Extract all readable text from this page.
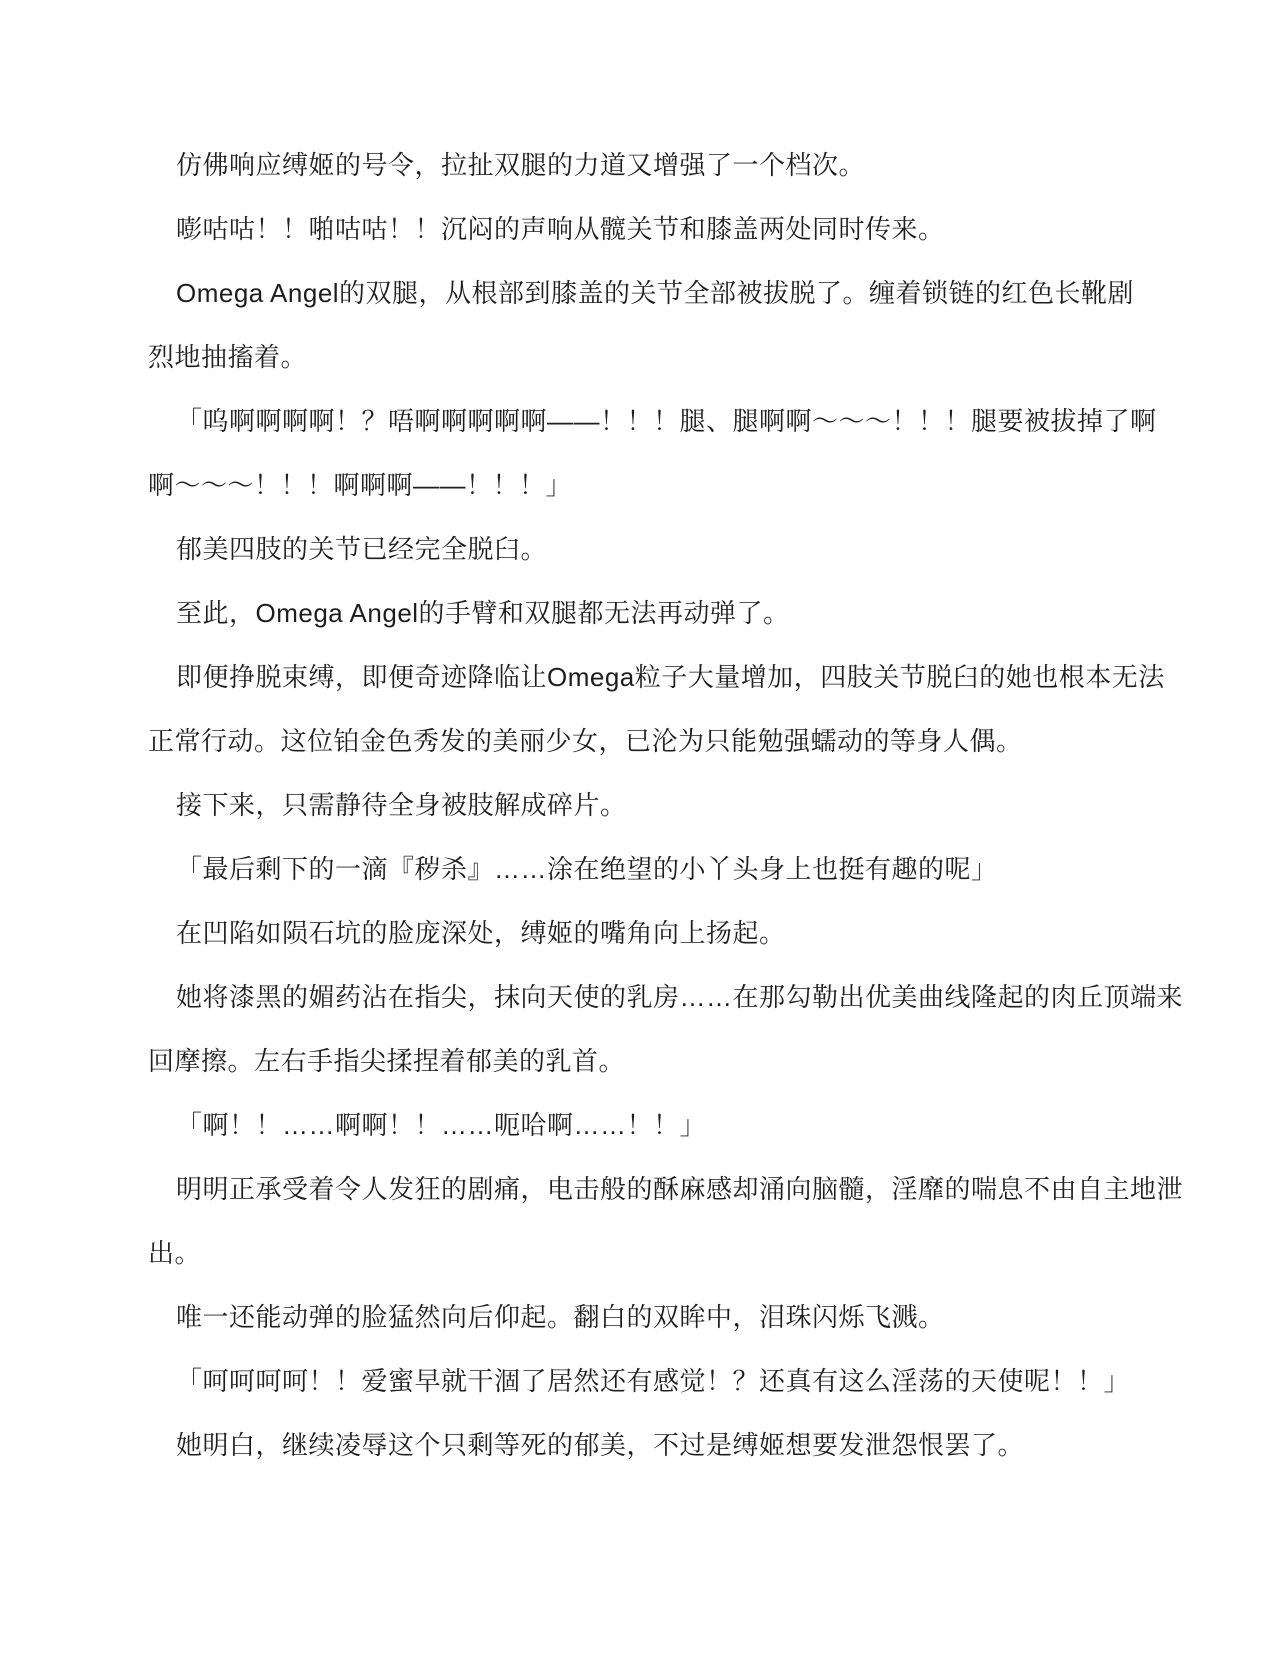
仿佛响应缚姬的号令，拉扯双腿的力道又增强了一个档次。
嘭咕咕！！啪咕咕！！沉闷的声响从髋关节和膝盖两处同时传来。
Omega Angel的双腿，从根部到膝盖的关节全部被拔脱了。缠着锁链的红色长靴剧
烈地抽搐着。
「呜啊啊啊啊！？唔啊啊啊啊啊——！！！腿、腿啊啊～～～！！！腿要被拔掉了啊
啊～～～！！！啊啊啊——！！！」
郁美四肢的关节已经完全脱臼。
至此，Omega Angel的手臂和双腿都无法再动弹了。
即便挣脱束缚，即便奇迹降临让Omega粒子大量增加，四肢关节脱臼的她也根本无法
正常行动。这位铂金色秀发的美丽少女，已沦为只能勉强蠕动的等身人偶。
接下来，只需静待全身被肢解成碎片。
「最后剩下的一滴『秽杀』……涂在绝望的小丫头身上也挺有趣的呢」
在凹陷如陨石坑的脸庞深处，缚姬的嘴角向上扬起。
她将漆黑的媚药沾在指尖，抹向天使的乳房……在那勾勒出优美曲线隆起的肉丘顶端来
回摩擦。左右手指尖揉捏着郁美的乳首。
「啊！！……啊啊！！……呃哈啊……！！」
明明正承受着令人发狂的剧痛，电击般的酥麻感却涌向脑髓，淫靡的喘息不由自主地泄
出。
唯一还能动弹的脸猛然向后仰起。翻白的双眸中，泪珠闪烁飞溅。
「呵呵呵呵！！爱蜜早就干涸了居然还有感觉！？还真有这么淫荡的天使呢！！」
她明白，继续凌辱这个只剩等死的郁美，不过是缚姬想要发泄怨恨罢了。
